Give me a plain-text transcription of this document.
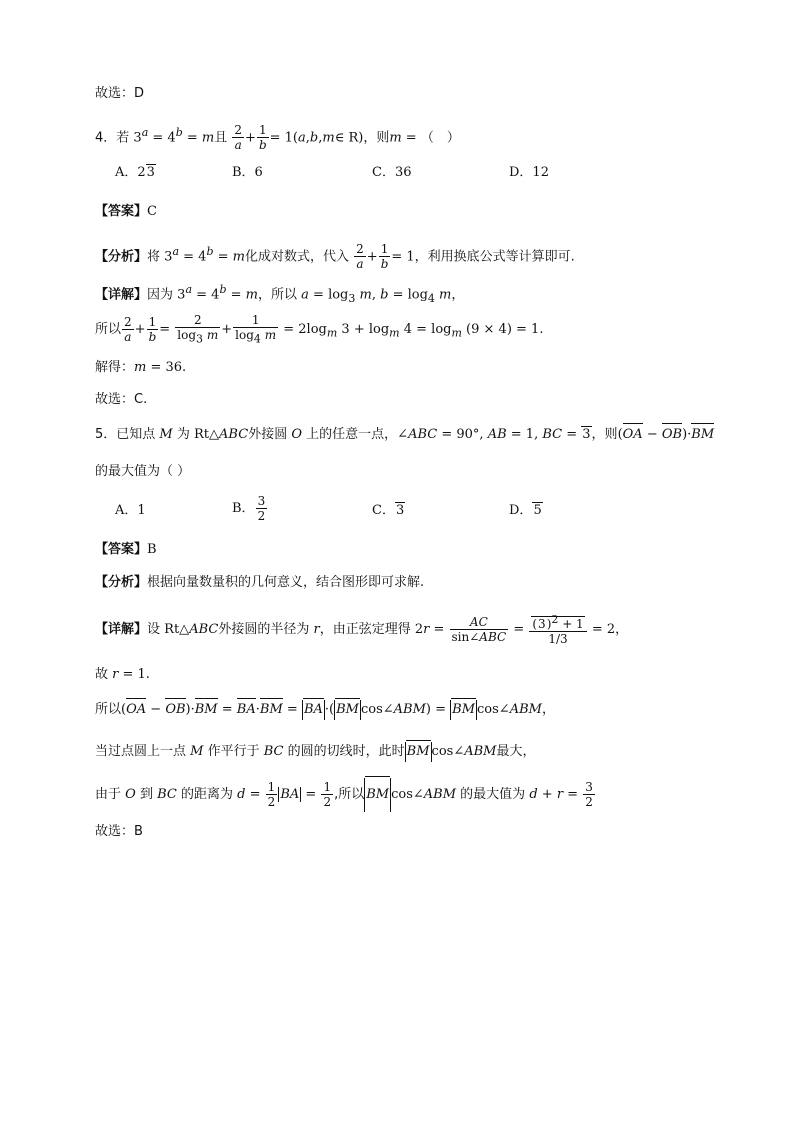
故选：D
4．若 $3^a = 4^b = m$且 $\frac{2}{a} + \frac{1}{b}$ = 1(a,b,m∈ R)，则m = （　）
A．23	B．6	C．36	D．12
【答案】C
【分析】将 $3^a = 4^b = m$化成对数式，代入 $\frac{2}{a} + \frac{1}{b} = 1$，利用换底公式等计算即可.
【详解】因为 $3^a = 4^b = m$，所以 $a = \log_3 m$, $b = \log_4 m$，
所以 $\frac{2}{a} + \frac{1}{b} = \frac{2}{\log_3 m} + \frac{1}{\log_4 m} = 2\log_m$ $3 + \log_m 4 = \log_m (9 \times 4) = 1$.
解得：m = 36.
故选：C.
5．已知点 M 为 Rt△ABC外接圆 O 上的任意一点，∠ABC = 90°, AB = 1, BC = 3，则(OA − OB)·BM
的最大值为（ ）
A．1	B． $\frac{3}{2}$	C．3	D．5
【答案】B
【分析】根据向量数量积的几何意义，结合图形即可求解.
【详解】设 Rt△ABC外接圆的半径为 r，由正弦定理得 $2r = \frac{AC}{\text{sin∠ABC}} = \frac{(3)^2 + 1}{1/3} = 2$，
故 r = 1.
所以(OA − OB)·BM = BA·BM = BA ·( BM cos∠ABM) = BM cos∠ABM，
当过点圆上一点 M 作平行于 BC 的圆的切线时，此时 BM cos∠ABM最大，
由于 O 到 BC 的距离为 $d = \frac{1}{2}$ BA = $\frac{1}{2}$ ,所以 BM cos∠ABM 的最大值为 $d + r = \frac{3}{2}$
故选：B
